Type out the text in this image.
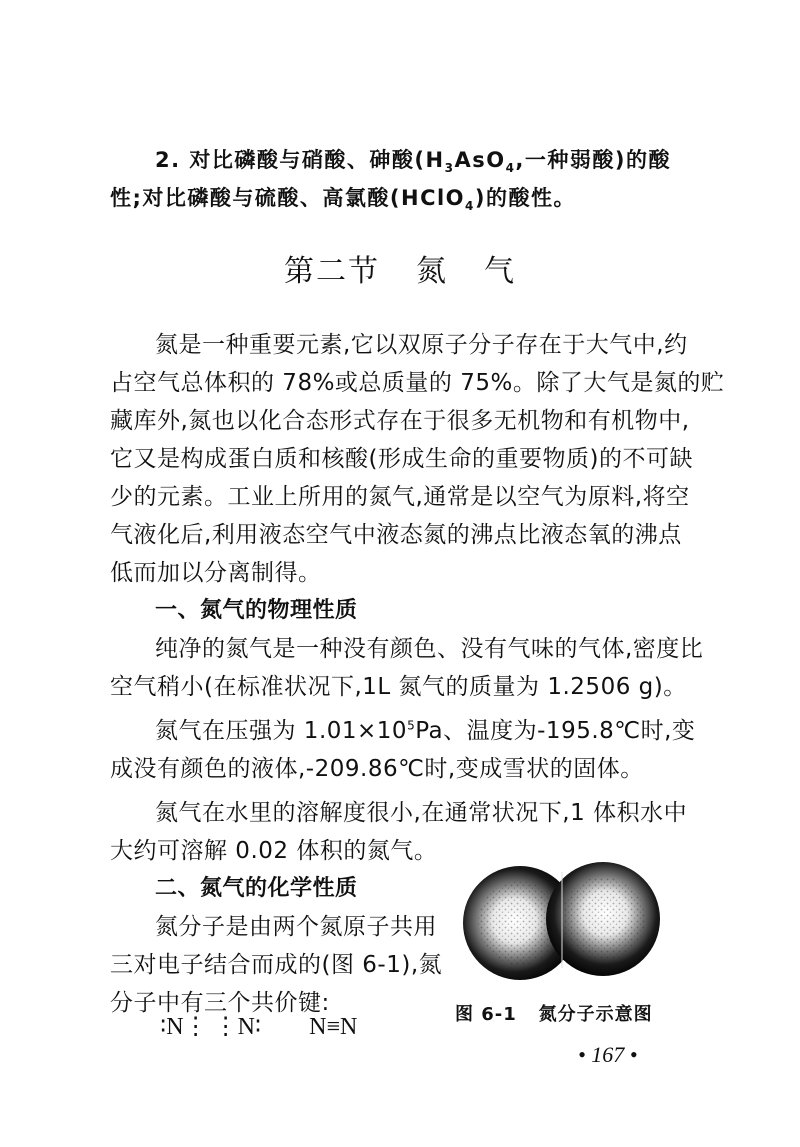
2. 对比磷酸与硝酸、砷酸($H_3AsO_4$,一种弱酸)的酸
性;对比磷酸与硫酸、高氯酸(HClO$_4$)的酸性。
第二节 氮 气
氮是一种重要元素,它以双原子分子存在于大气中,约
占空气总体积的 78%或总质量的 75%。除了大气是氮的贮
藏库外,氮也以化合态形式存在于很多无机物和有机物中,
它又是构成蛋白质和核酸(形成生命的重要物质)的不可缺
少的元素。工业上所用的氮气,通常是以空气为原料,将空
气液化后,利用液态空气中液态氮的沸点比液态氧的沸点
低而加以分离制得。
一、氮气的物理性质
纯净的氮气是一种没有颜色、没有气味的气体,密度比
空气稍小(在标准状况下,1L 氮气的质量为 1.2506 g)。
氮气在压强为 $1.01\times 10^5Pa$、温度为-195.8℃时,变
成没有颜色的液体,-209.86℃时,变成雪状的固体。
氮气在水里的溶解度很小,在通常状况下,1 体积水中
大约可溶解 0.02 体积的氮气。
二、氮气的化学性质
氮分子是由两个氮原子共用
三对电子结合而成的(图 6-1),氮
分子中有三个共价键:
∶N⋮ ⋮N∶ N≡N	图 6-1 氮分子示意图
• 167 •
